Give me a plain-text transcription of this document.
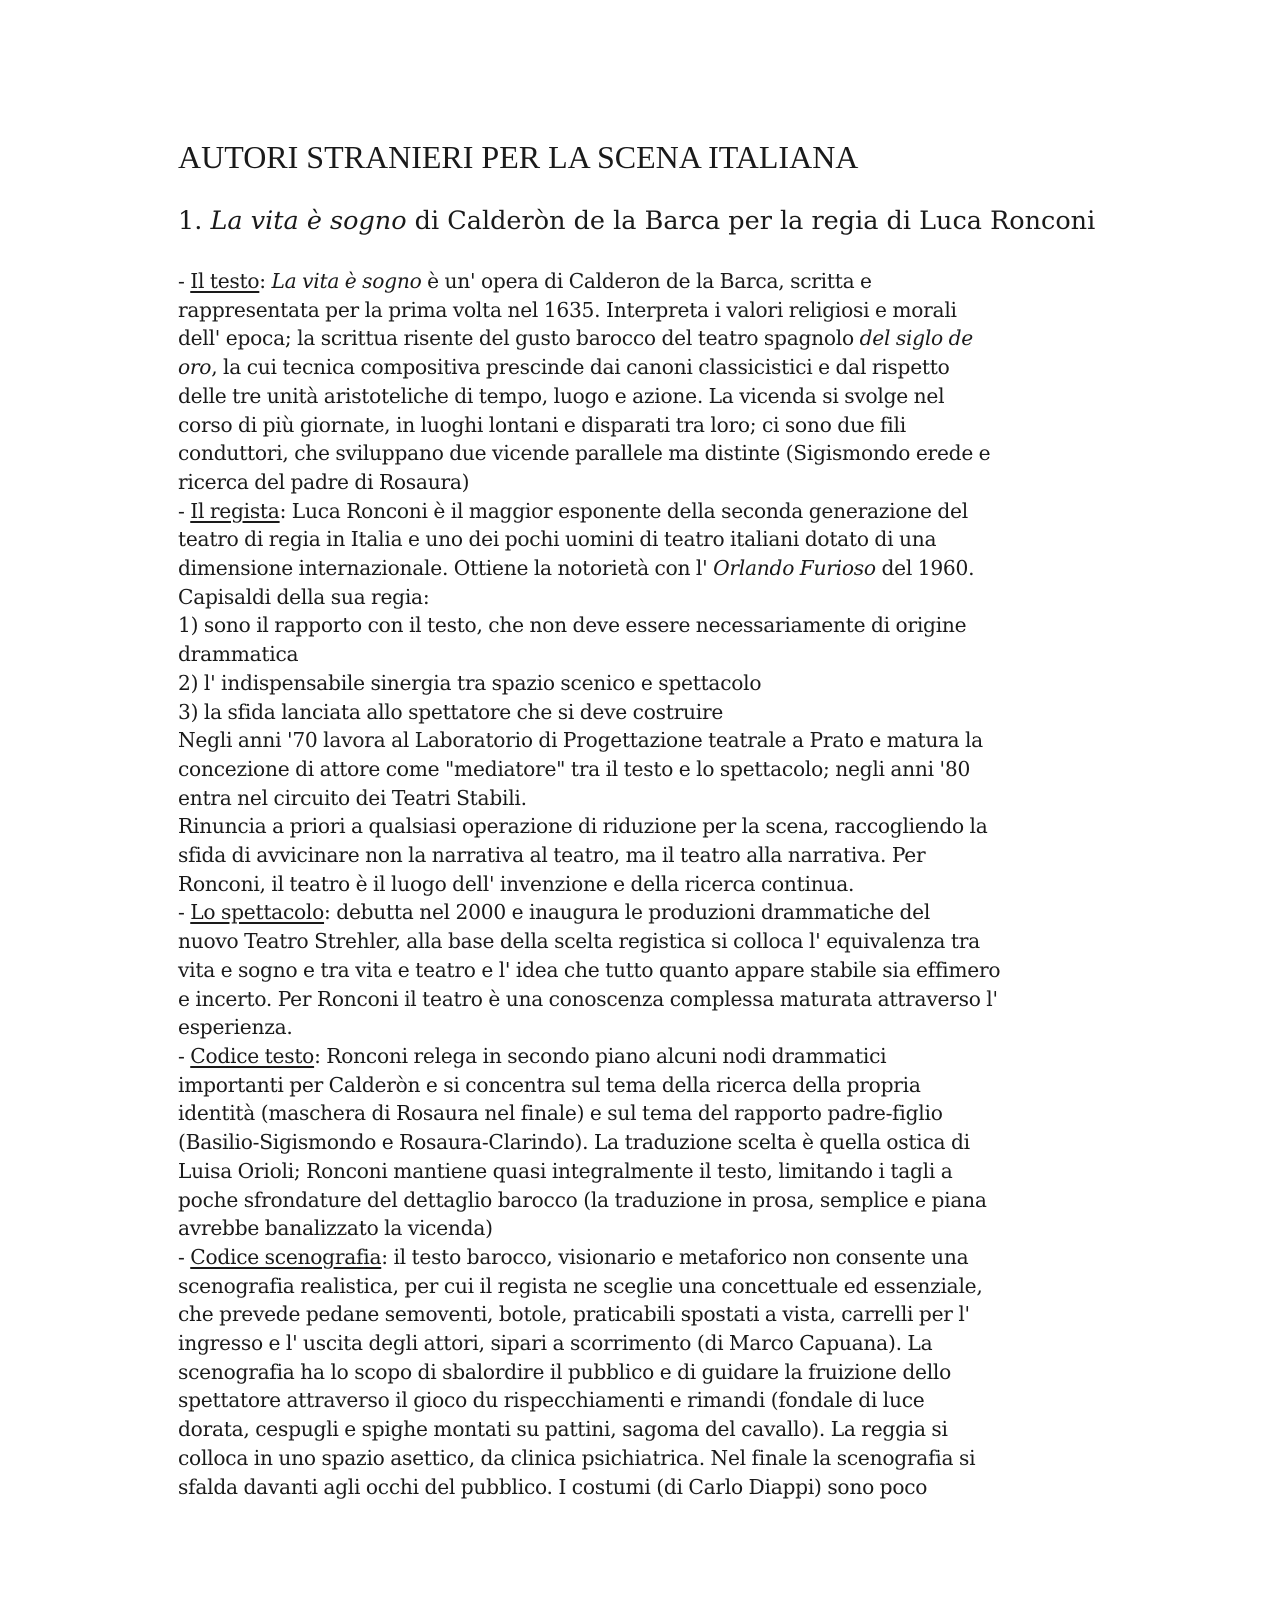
AUTORI STRANIERI PER LA SCENA ITALIANA
1. La vita è sogno di Calderòn de la Barca per la regia di Luca Ronconi
- Il testo: La vita è sogno è un' opera di Calderon de la Barca, scritta e
rappresentata per la prima volta nel 1635. Interpreta i valori religiosi e morali
dell' epoca; la scrittua risente del gusto barocco del teatro spagnolo del siglo de
oro, la cui tecnica compositiva prescinde dai canoni classicistici e dal rispetto
delle tre unità aristoteliche di tempo, luogo e azione. La vicenda si svolge nel
corso di più giornate, in luoghi lontani e disparati tra loro; ci sono due fili
conduttori, che sviluppano due vicende parallele ma distinte (Sigismondo erede e
ricerca del padre di Rosaura)
- Il regista: Luca Ronconi è il maggior esponente della seconda generazione del
teatro di regia in Italia e uno dei pochi uomini di teatro italiani dotato di una
dimensione internazionale. Ottiene la notorietà con l' Orlando Furioso del 1960.
Capisaldi della sua regia:
1) sono il rapporto con il testo, che non deve essere necessariamente di origine
drammatica
2) l' indispensabile sinergia tra spazio scenico e spettacolo
3) la sfida lanciata allo spettatore che si deve costruire
Negli anni '70 lavora al Laboratorio di Progettazione teatrale a Prato e matura la
concezione di attore come "mediatore" tra il testo e lo spettacolo; negli anni '80
entra nel circuito dei Teatri Stabili.
Rinuncia a priori a qualsiasi operazione di riduzione per la scena, raccogliendo la
sfida di avvicinare non la narrativa al teatro, ma il teatro alla narrativa. Per
Ronconi, il teatro è il luogo dell' invenzione e della ricerca continua.
- Lo spettacolo: debutta nel 2000 e inaugura le produzioni drammatiche del
nuovo Teatro Strehler, alla base della scelta registica si colloca l' equivalenza tra
vita e sogno e tra vita e teatro e l' idea che tutto quanto appare stabile sia effimero
e incerto. Per Ronconi il teatro è una conoscenza complessa maturata attraverso l'
esperienza.
- Codice testo: Ronconi relega in secondo piano alcuni nodi drammatici
importanti per Calderòn e si concentra sul tema della ricerca della propria
identità (maschera di Rosaura nel finale) e sul tema del rapporto padre-figlio
(Basilio-Sigismondo e Rosaura-Clarindo). La traduzione scelta è quella ostica di
Luisa Orioli; Ronconi mantiene quasi integralmente il testo, limitando i tagli a
poche sfrondature del dettaglio barocco (la traduzione in prosa, semplice e piana
avrebbe banalizzato la vicenda)
- Codice scenografia: il testo barocco, visionario e metaforico non consente una
scenografia realistica, per cui il regista ne sceglie una concettuale ed essenziale,
che prevede pedane semoventi, botole, praticabili spostati a vista, carrelli per l'
ingresso e l' uscita degli attori, sipari a scorrimento (di Marco Capuana). La
scenografia ha lo scopo di sbalordire il pubblico e di guidare la fruizione dello
spettatore attraverso il gioco du rispecchiamenti e rimandi (fondale di luce
dorata, cespugli e spighe montati su pattini, sagoma del cavallo). La reggia si
colloca in uno spazio asettico, da clinica psichiatrica. Nel finale la scenografia si
sfalda davanti agli occhi del pubblico. I costumi (di Carlo Diappi) sono poco
